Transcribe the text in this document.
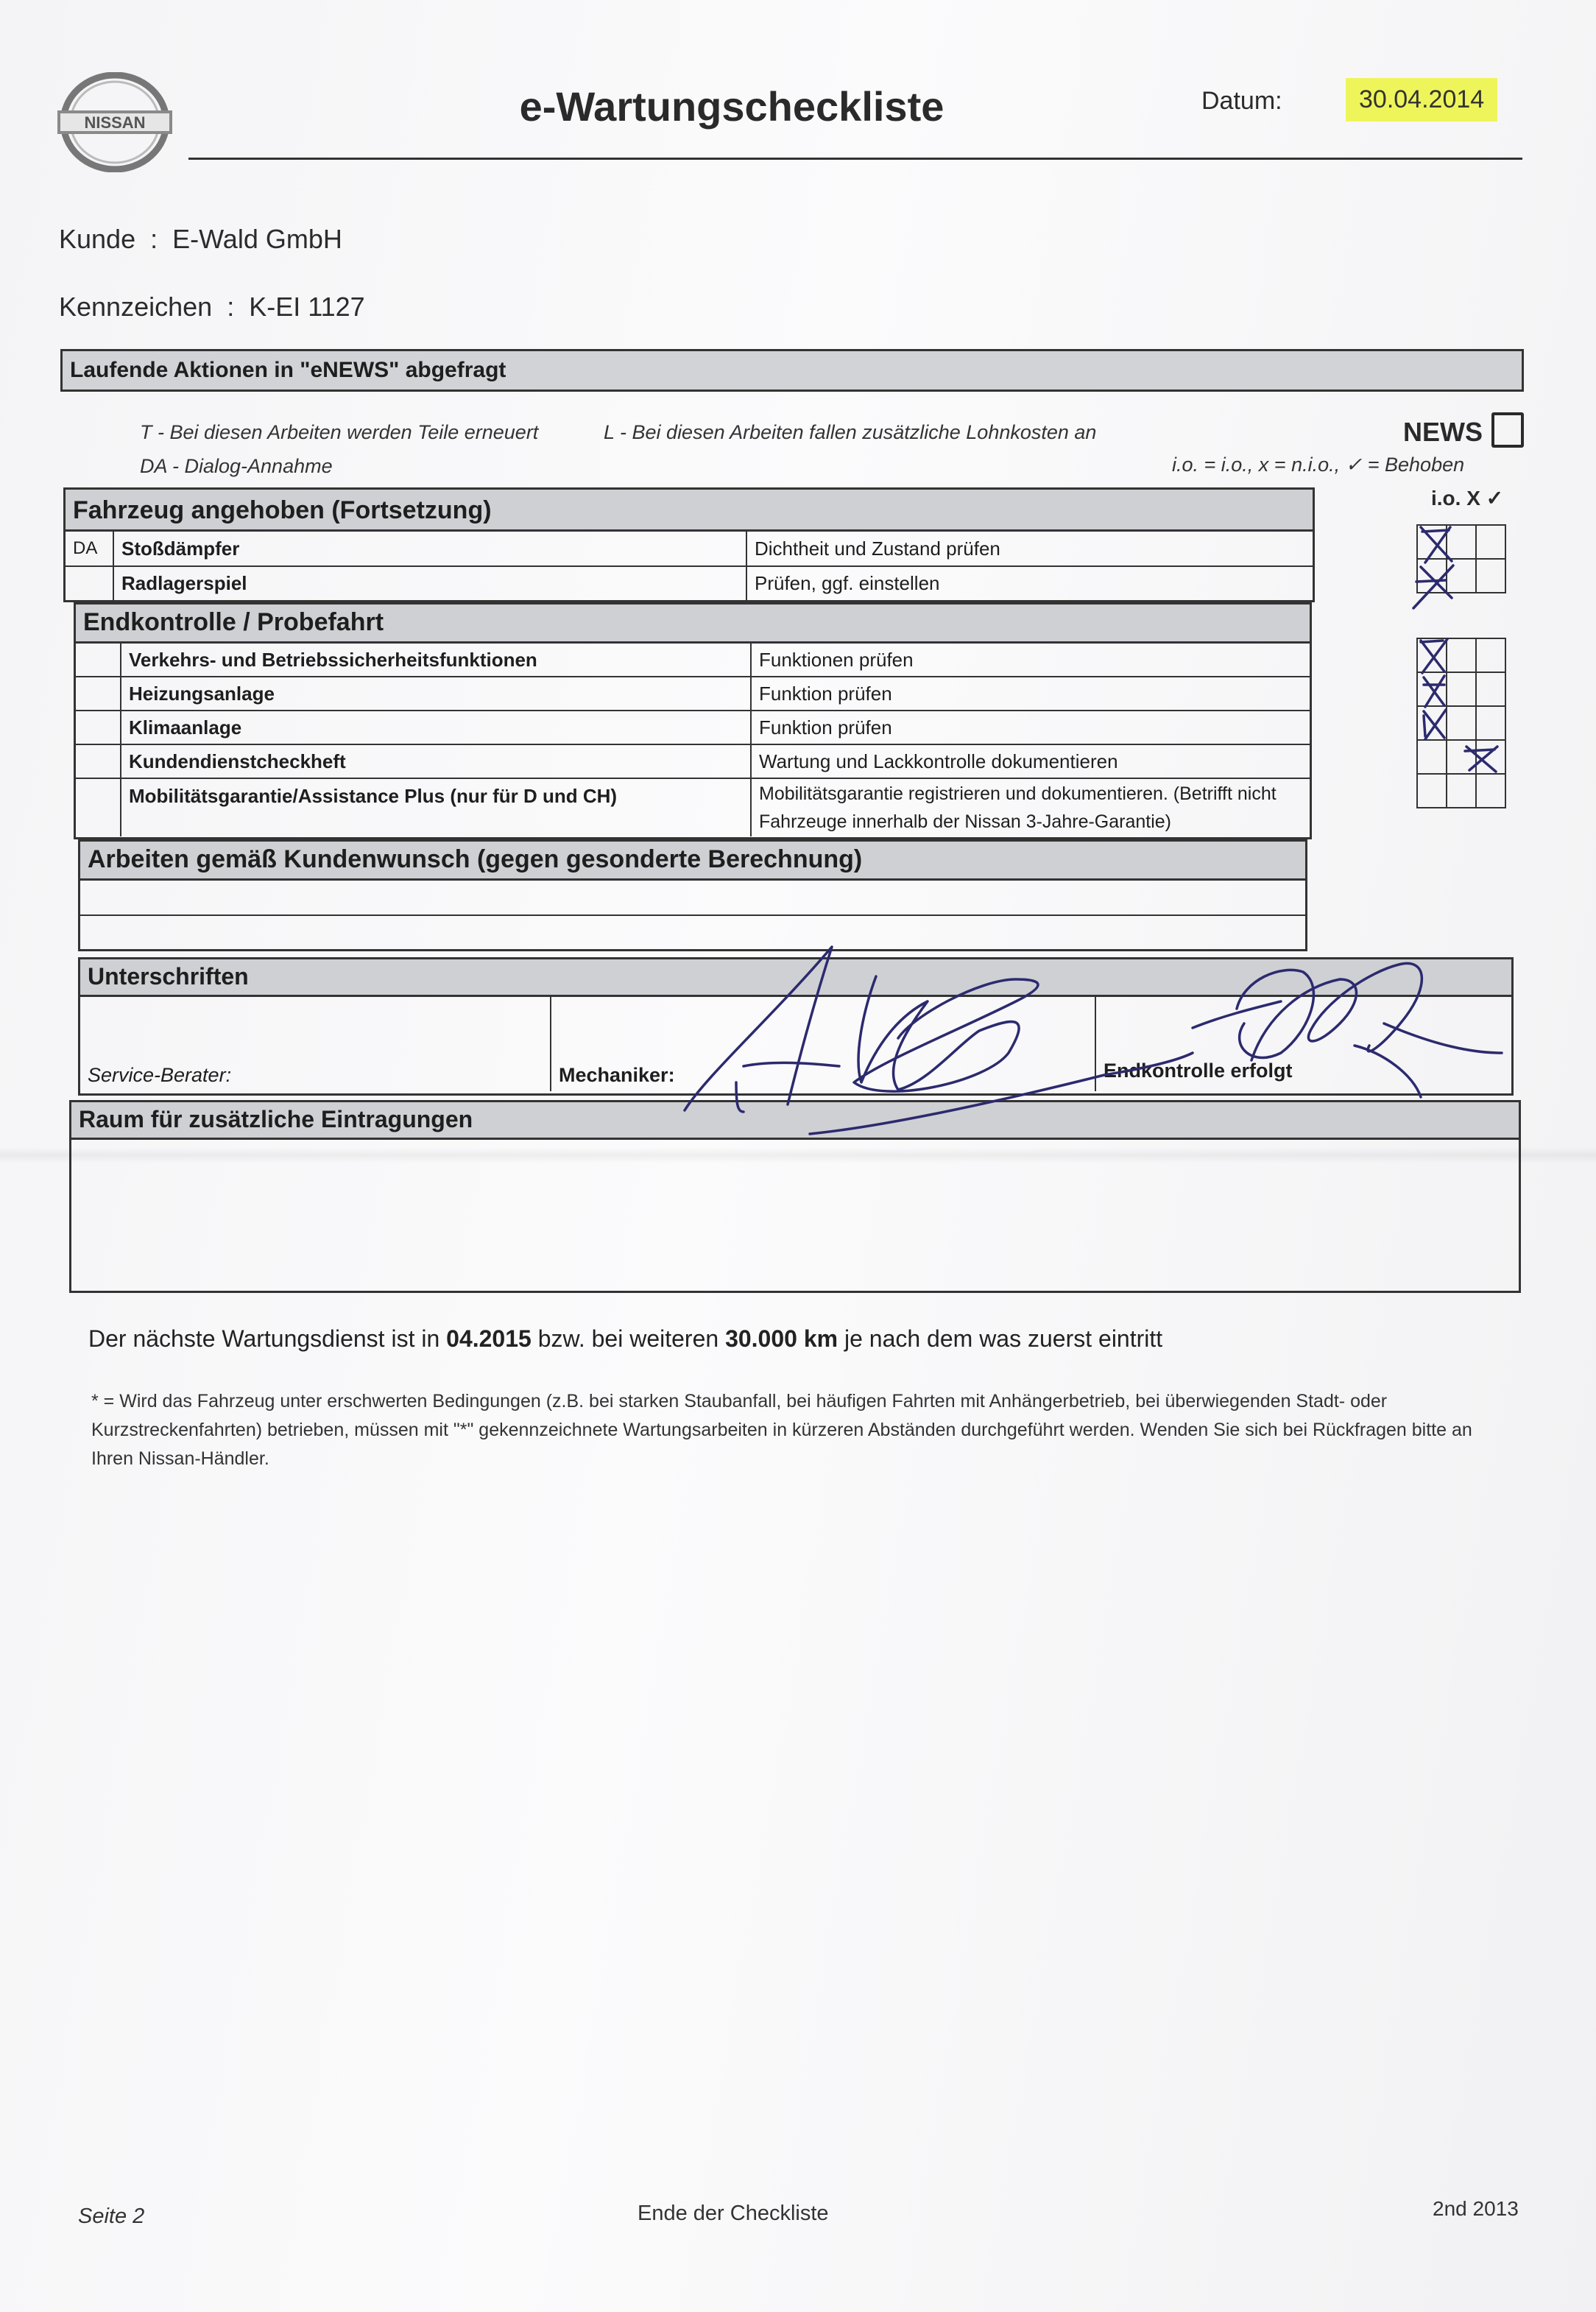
NISSAN	e-Wartungscheckliste	Datum:	30.04.2014
Kunde  :  E-Wald GmbH
Kennzeichen  :  K-EI 1127
Laufende Aktionen in "eNEWS" abgefragt
T - Bei diesen Arbeiten werden Teile erneuert	L - Bei diesen Arbeiten fallen zusätzliche Lohnkosten an
DA - Dialog-Annahme	i.o. = i.o., x = n.i.o., ✓ = Behoben
NEWS
i.o. X ✓
Fahrzeug angehoben (Fortsetzung)
DA	Stoßdämpfer	Dichtheit und Zustand prüfen
Radlagerspiel	Prüfen, ggf. einstellen
Endkontrolle / Probefahrt
Verkehrs- und Betriebssicherheitsfunktionen	Funktionen prüfen
Heizungsanlage	Funktion prüfen
Klimaanlage	Funktion prüfen
Kundendienstcheckheft	Wartung und Lackkontrolle dokumentieren
Mobilitätsgarantie/Assistance Plus (nur für D und CH)	Mobilitätsgarantie registrieren und dokumentieren. (Betrifft nicht
Fahrzeuge innerhalb der Nissan 3-Jahre-Garantie)
Arbeiten gemäß Kundenwunsch (gegen gesonderte Berechnung)

Unterschriften
Service-Berater:	Mechaniker:	Endkontrolle erfolgt
Raum für zusätzliche Eintragungen
Der nächste Wartungsdienst ist in 04.2015 bzw. bei weiteren 30.000 km je nach dem was zuerst eintritt
* = Wird das Fahrzeug unter erschwerten Bedingungen (z.B. bei starken Staubanfall, bei häufigen Fahrten mit Anhängerbetrieb, bei überwiegenden Stadt- oder Kurzstreckenfahrten) betrieben, müssen mit "*" gekennzeichnete Wartungsarbeiten in kürzeren Abständen durchgeführt werden. Wenden Sie sich bei Rückfragen bitte an Ihren Nissan-Händler.
Seite 2	Ende der Checkliste	2nd 2013
